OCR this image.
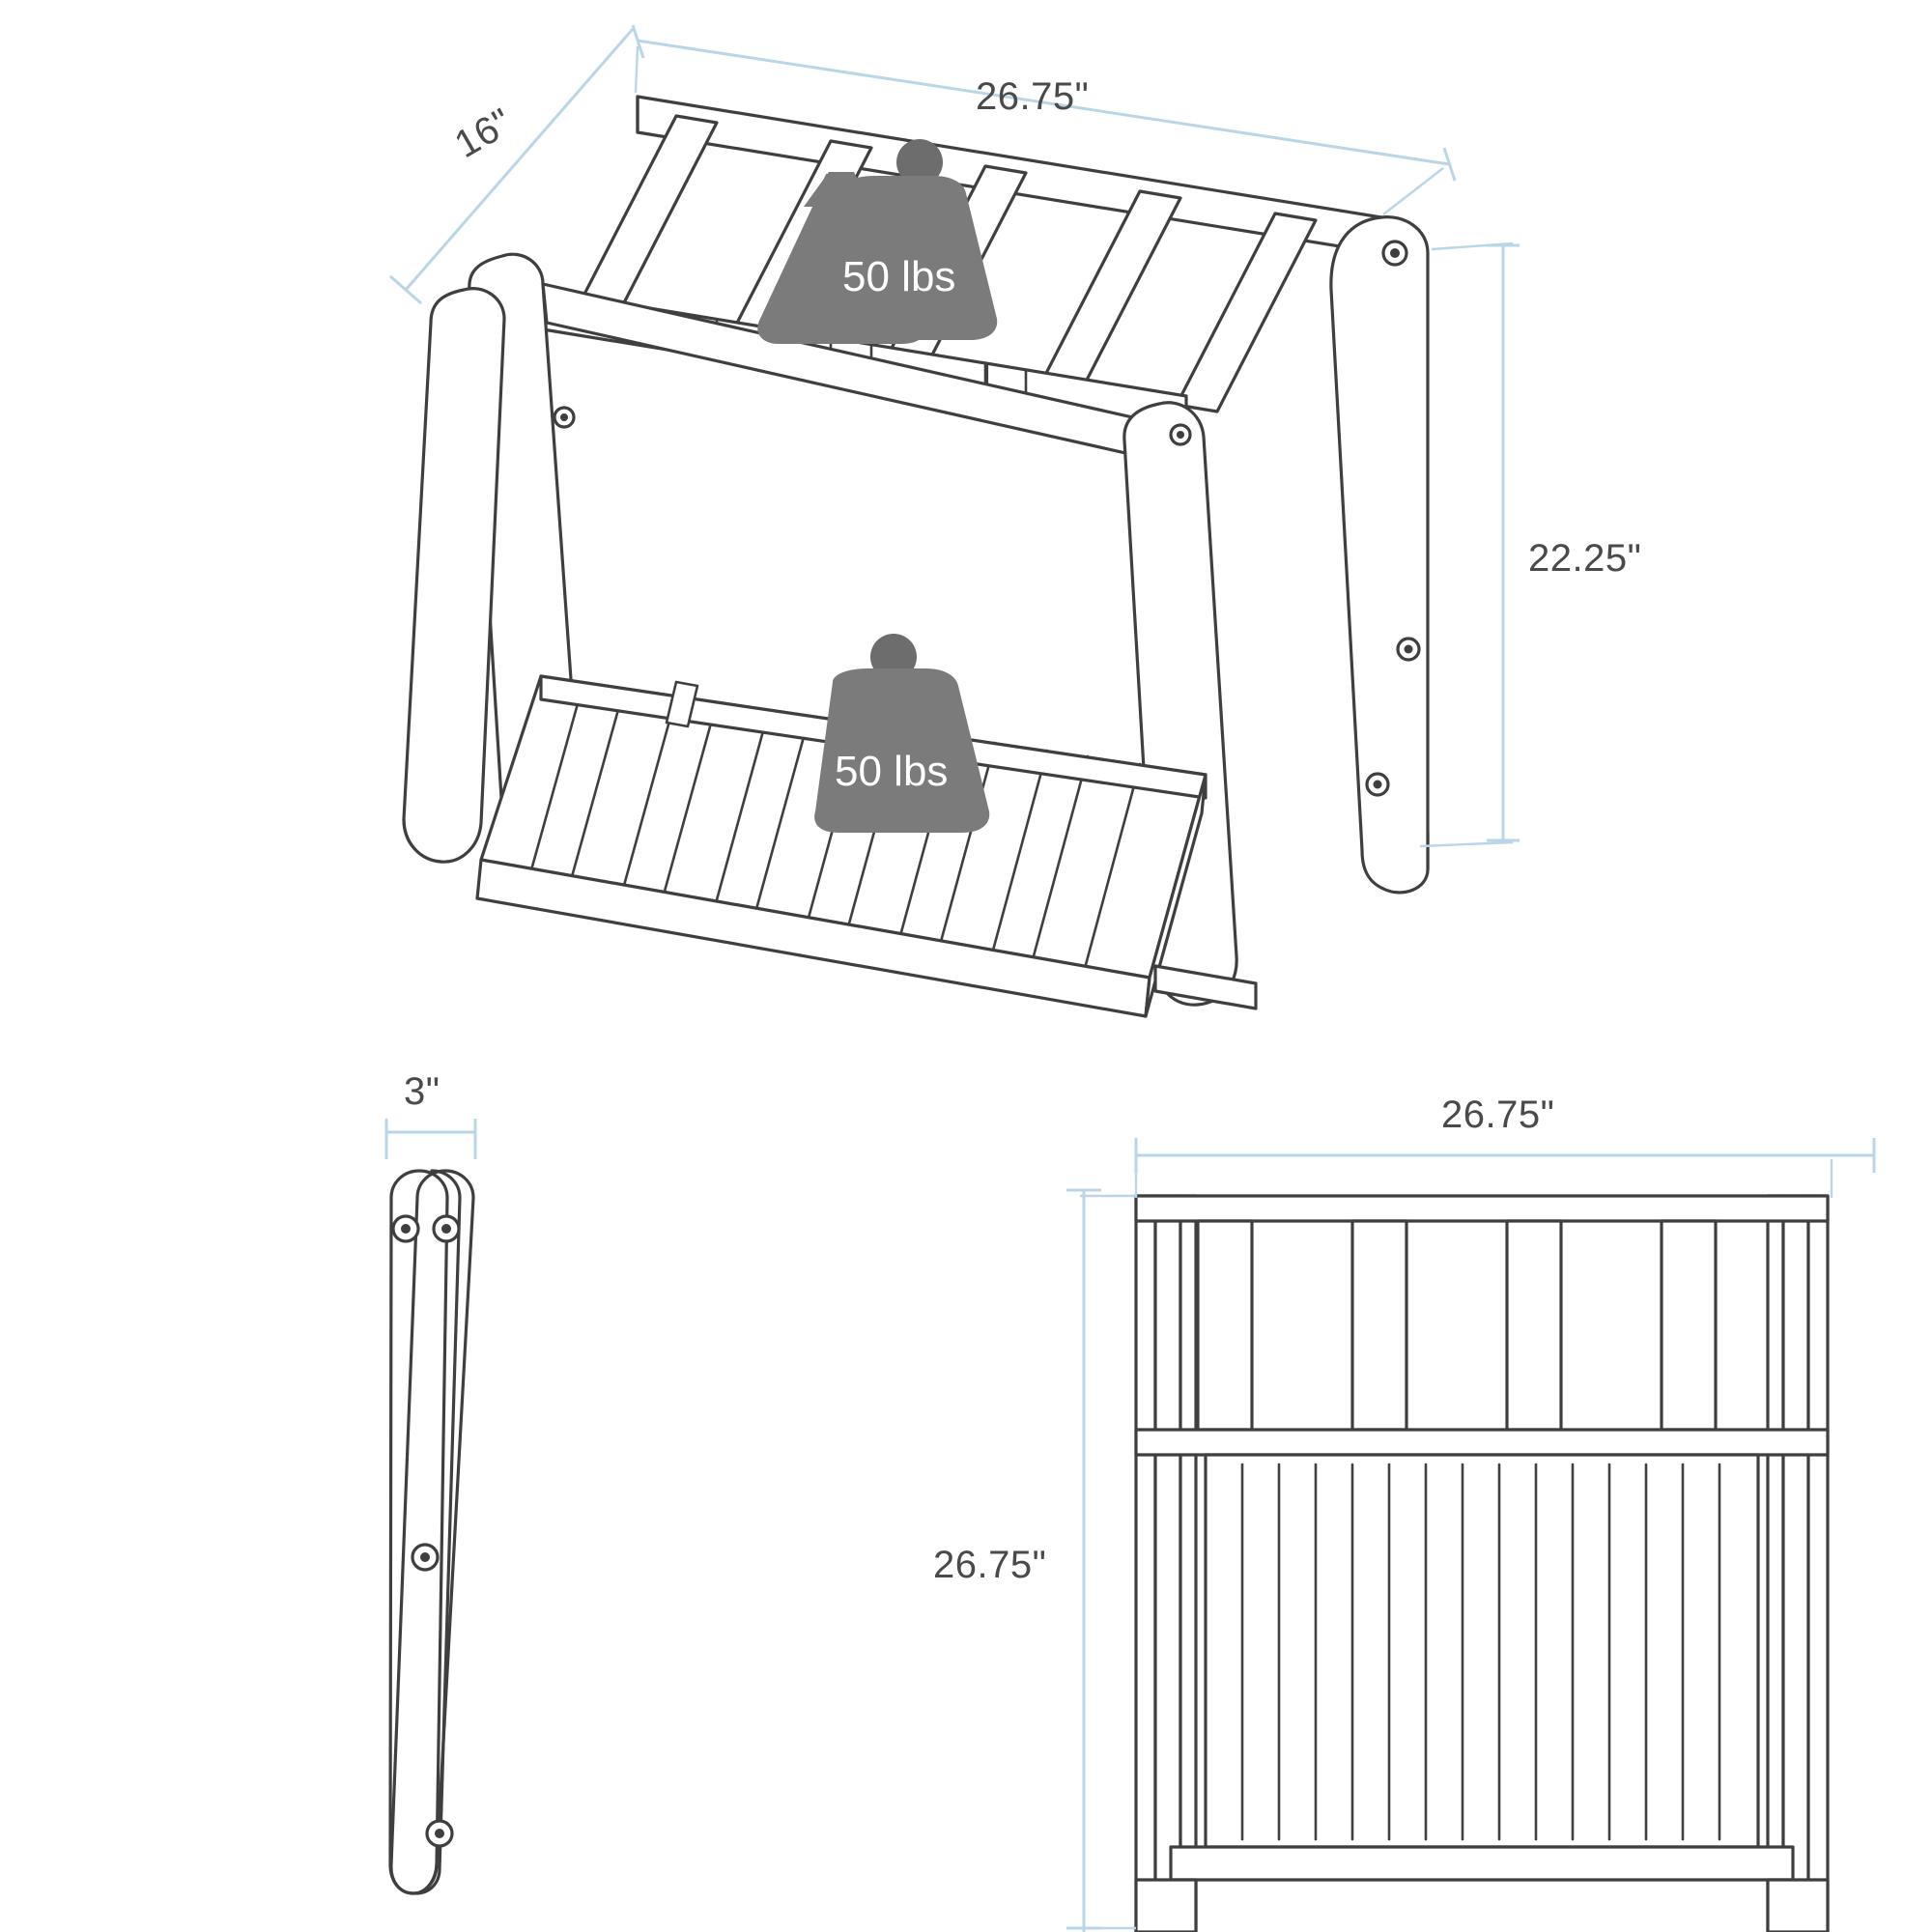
26.75"
16"
22.25"
50 lbs
50 lbs
3"
26.75"
26.75"
